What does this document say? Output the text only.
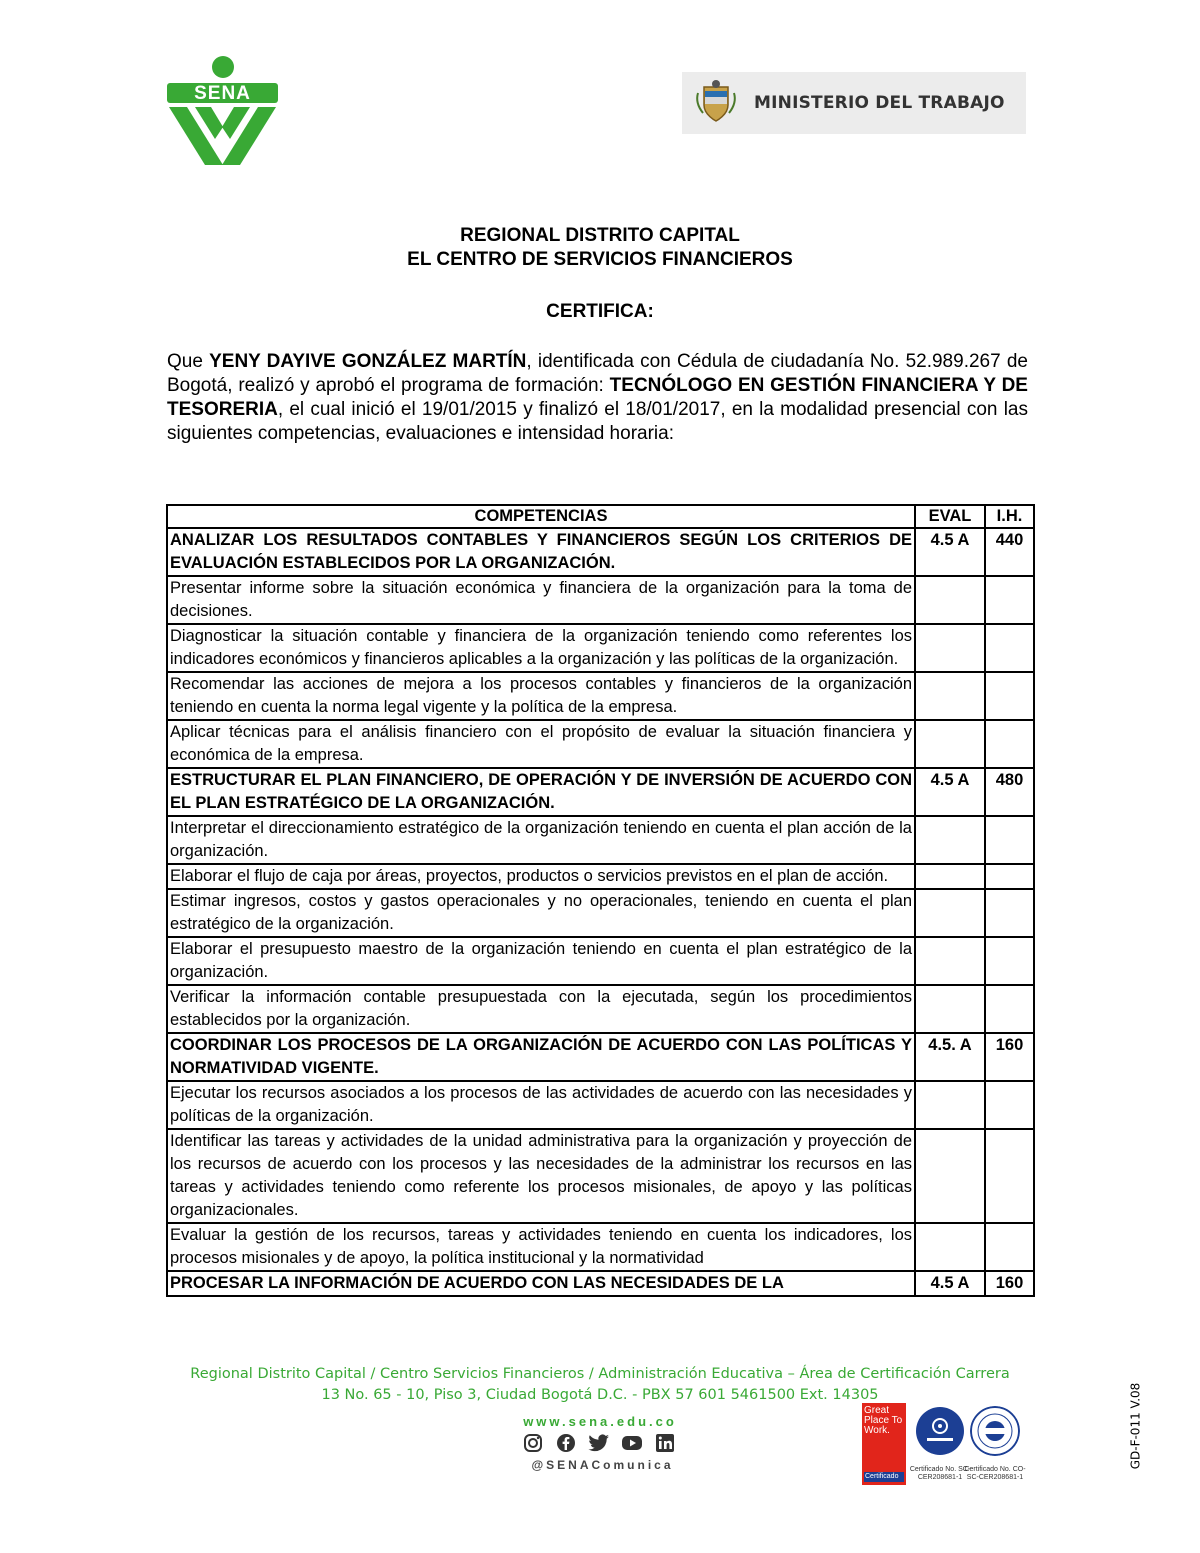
SENA	MINISTERIO DEL TRABAJO
REGIONAL DISTRITO CAPITAL
EL CENTRO DE SERVICIOS FINANCIEROS
CERTIFICA:
Que YENY DAYIVE GONZÁLEZ MARTÍN, identificada con Cédula de ciudadanía No. 52.989.267 de Bogotá, realizó y aprobó el programa de formación: TECNÓLOGO EN GESTIÓN FINANCIERA Y DE TESORERIA, el cual inició el 19/01/2015 y finalizó el 18/01/2017, en la modalidad presencial con las siguientes competencias, evaluaciones e intensidad horaria:
COMPETENCIAS	EVAL	I.H.
ANALIZAR LOS RESULTADOS CONTABLES Y FINANCIEROS SEGÚN LOS CRITERIOS DE EVALUACIÓN ESTABLECIDOS POR LA ORGANIZACIÓN.	4.5 A	440
Presentar informe sobre la situación económica y financiera de la organización para la toma de decisiones.		
Diagnosticar la situación contable y financiera de la organización teniendo como referentes los indicadores económicos y financieros aplicables a la organización y las políticas de la organización.		
Recomendar las acciones de mejora a los procesos contables y financieros de la organización teniendo en cuenta la norma legal vigente y la política de la empresa.		
Aplicar técnicas para el análisis financiero con el propósito de evaluar la situación financiera y económica de la empresa.		
ESTRUCTURAR EL PLAN FINANCIERO, DE OPERACIÓN Y DE INVERSIÓN DE ACUERDO CON EL PLAN ESTRATÉGICO DE LA ORGANIZACIÓN.	4.5 A	480
Interpretar el direccionamiento estratégico de la organización teniendo en cuenta el plan acción de la organización.		
Elaborar el flujo de caja por áreas, proyectos, productos o servicios previstos en el plan de acción.		
Estimar ingresos, costos y gastos operacionales y no operacionales, teniendo en cuenta el plan estratégico de la organización.		
Elaborar el presupuesto maestro de la organización teniendo en cuenta el plan estratégico de la organización.		
Verificar la información contable presupuestada con la ejecutada, según los procedimientos establecidos por la organización.		
COORDINAR LOS PROCESOS DE LA ORGANIZACIÓN DE ACUERDO CON LAS POLÍTICAS Y NORMATIVIDAD VIGENTE.	4.5. A	160
Ejecutar los recursos asociados a los procesos de las actividades de acuerdo con las necesidades y políticas de la organización.		
Identificar las tareas y actividades de la unidad administrativa para la organización y proyección de los recursos de acuerdo con los procesos y las necesidades de la administrar los recursos en las tareas y actividades teniendo como referente los procesos misionales, de apoyo y las políticas organizacionales.		
Evaluar la gestión de los recursos, tareas y actividades teniendo en cuenta los indicadores, los procesos misionales y de apoyo, la política institucional y la normatividad		
PROCESAR LA INFORMACIÓN DE ACUERDO CON LAS NECESIDADES DE LA	4.5 A	160
Regional Distrito Capital / Centro Servicios Financieros / Administración Educativa – Área de Certificación Carrera
13 No. 65 - 10, Piso 3, Ciudad Bogotá D.C. - PBX 57 601 5461500 Ext. 14305
www.sena.edu.co
@SENAComunica
Great Place To Work.
Certificado
Certificado No. SC-CER208681-1
Certificado No. CO-SC-CER208681-1
GD-F-011 V.08
